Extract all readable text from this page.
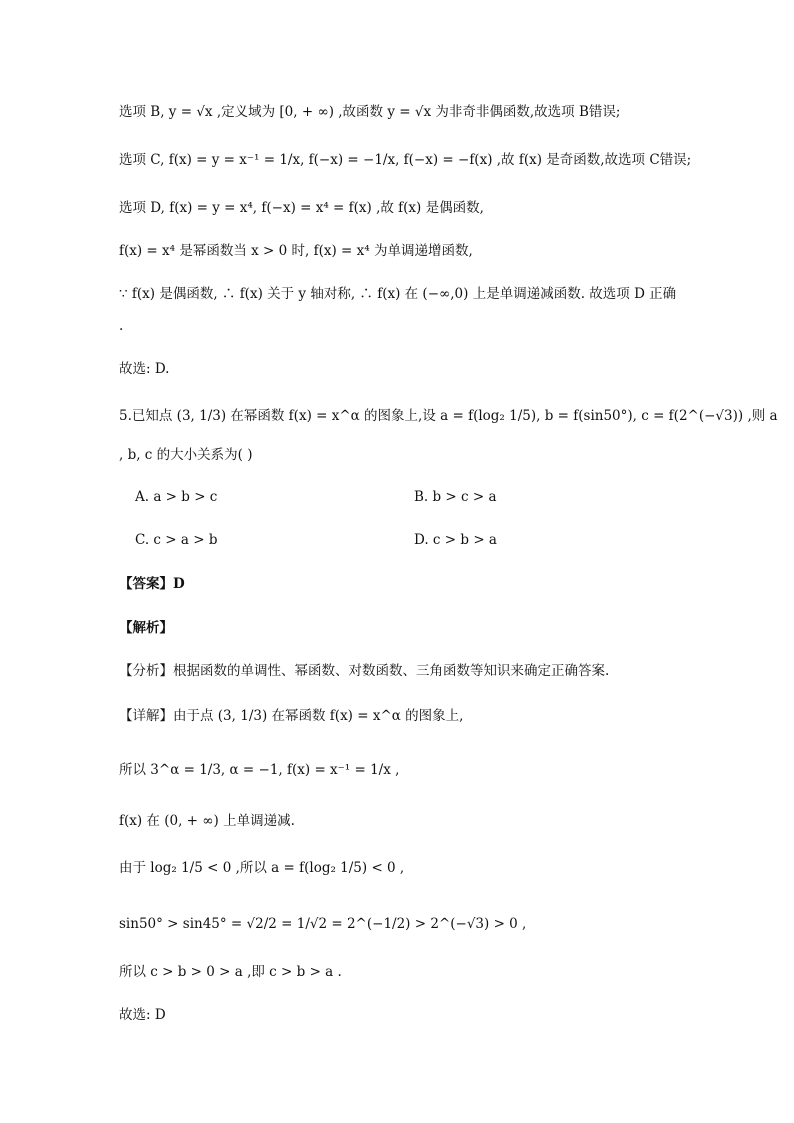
选项 B, y = √x ,定义域为 [0, + ∞) ,故函数 y = √x 为非奇非偶函数,故选项 B错误;
选项 C, f(x) = y = x⁻¹ = 1/x, f(−x) = −1/x, f(−x) = −f(x) ,故 f(x) 是奇函数,故选项 C错误;
选项 D, f(x) = y = x⁴, f(−x) = x⁴ = f(x) ,故 f(x) 是偶函数,
f(x) = x⁴ 是幂函数当 x > 0 时, f(x) = x⁴ 为单调递增函数,
∵ f(x) 是偶函数, ∴ f(x) 关于 y 轴对称, ∴ f(x) 在 (−∞,0) 上是单调递减函数. 故选项 D 正确
.
故选: D.
5.已知点 (3, 1/3) 在幂函数 f(x) = x^α 的图象上,设 a = f(log₂ 1/5), b = f(sin50°), c = f(2^(−√3)) ,则 a
, b, c 的大小关系为( )
A. a > b > c	B. b > c > a
C. c > a > b	D. c > b > a
【答案】D
【解析】
【分析】根据函数的单调性、幂函数、对数函数、三角函数等知识来确定正确答案.
【详解】由于点 (3, 1/3) 在幂函数 f(x) = x^α 的图象上,
所以 3^α = 1/3, α = −1, f(x) = x⁻¹ = 1/x ,
f(x) 在 (0, + ∞) 上单调递减.
由于 log₂ 1/5 < 0 ,所以 a = f(log₂ 1/5) < 0 ,
sin50° > sin45° = √2/2 = 1/√2 = 2^(−1/2) > 2^(−√3) > 0 ,
所以 c > b > 0 > a ,即 c > b > a .
故选: D
